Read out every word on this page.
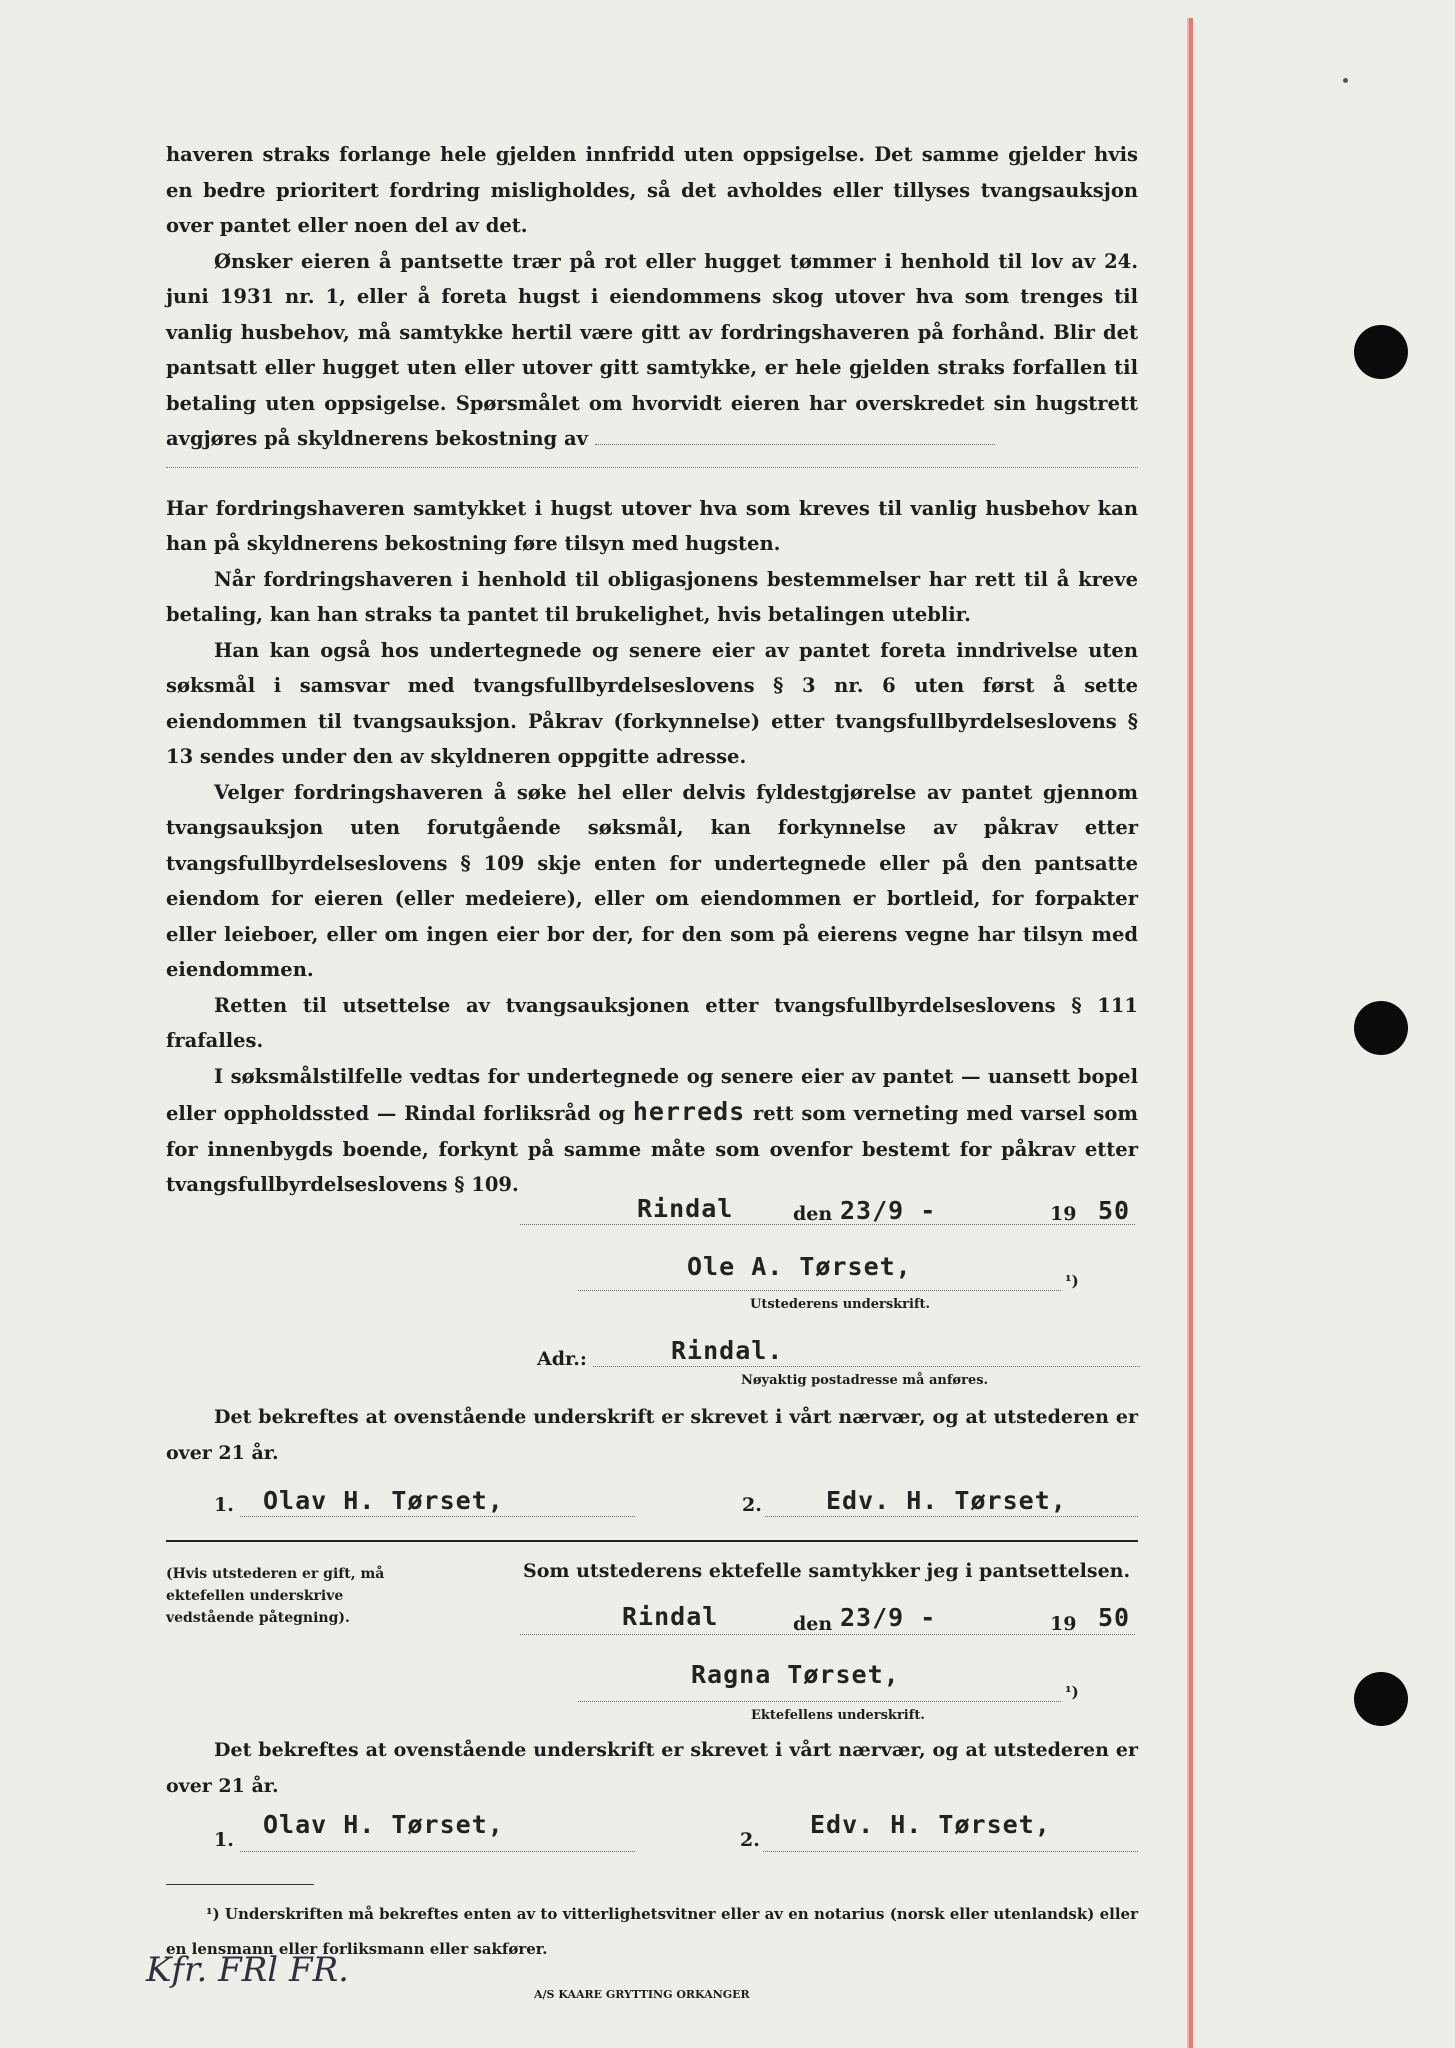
haveren straks forlange hele gjelden innfridd uten oppsigelse. Det samme gjelder hvis en bedre prioritert fordring misligholdes, så det avholdes eller tillyses tvangsauksjon over pantet eller noen del av det.

Ønsker eieren å pantsette trær på rot eller hugget tømmer i henhold til lov av 24. juni 1931 nr. 1, eller å foreta hugst i eiendommens skog utover hva som trenges til vanlig husbehov, må samtykke hertil være gitt av fordringshaveren på forhånd. Blir det pantsatt eller hugget uten eller utover gitt samtykke, er hele gjelden straks forfallen til betaling uten oppsigelse. Spørsmålet om hvorvidt eieren har overskredet sin hugstrett avgjøres på skyldnerens bekostning av

Har fordringshaveren samtykket i hugst utover hva som kreves til vanlig husbehov kan han på skyldnerens bekostning føre tilsyn med hugsten.

Når fordringshaveren i henhold til obligasjonens bestemmelser har rett til å kreve betaling, kan han straks ta pantet til brukelighet, hvis betalingen uteblir.

Han kan også hos undertegnede og senere eier av pantet foreta inndrivelse uten søksmål i samsvar med tvangsfullbyrdelseslovens § 3 nr. 6 uten først å sette eiendommen til tvangsauksjon. Påkrav (forkynnelse) etter tvangsfullbyrdelseslovens § 13 sendes under den av skyldneren oppgitte adresse.

Velger fordringshaveren å søke hel eller delvis fyldestgjørelse av pantet gjennom tvangsauksjon uten forutgående søksmål, kan forkynnelse av påkrav etter tvangsfullbyrdelseslovens § 109 skje enten for undertegnede eller på den pantsatte eiendom for eieren (eller medeiere), eller om eiendommen er bortleid, for forpakter eller leieboer, eller om ingen eier bor der, for den som på eierens vegne har tilsyn med eiendommen.

Retten til utsettelse av tvangsauksjonen etter tvangsfullbyrdelseslovens § 111 frafalles.

I søksmålstilfelle vedtas for undertegnede og senere eier av pantet — uansett bopel eller oppholdssted — Rindal forliksråd og herreds rett som verneting med varsel som for innenbygds boende, forkynt på samme måte som ovenfor bestemt for påkrav etter tvangsfullbyrdelseslovens § 109.

Rindal	den 23/9 -	19 50
Ole A. Tørset,	¹)
Utstederens underskrift.
Adr.:	Rindal.
Nøyaktig postadresse må anføres.
Det bekreftes at ovenstående underskrift er skrevet i vårt nærvær, og at utstederen er over 21 år.
1. Olav H. Tørset,	2.	Edv. H. Tørset,
(Hvis utstederen er gift, må ektefellen underskrive vedstående påtegning).
Som utstederens ektefelle samtykker jeg i pantsettelsen.
Rindal	den 23/9 -	19 50
Ragna Tørset,
¹)
Ektefellens underskrift.
Det bekreftes at ovenstående underskrift er skrevet i vårt nærvær, og at utstederen er over 21 år.
1.
Olav H. Tørset,
2.
Edv. H. Tørset,
¹) Underskriften må bekreftes enten av to vitterlighetsvitner eller av en notarius (norsk eller utenlandsk) eller en lensmann eller forliksmann eller sakfører.
Kfr. FRl FR.
A/S KAARE GRYTTING ORKANGER
